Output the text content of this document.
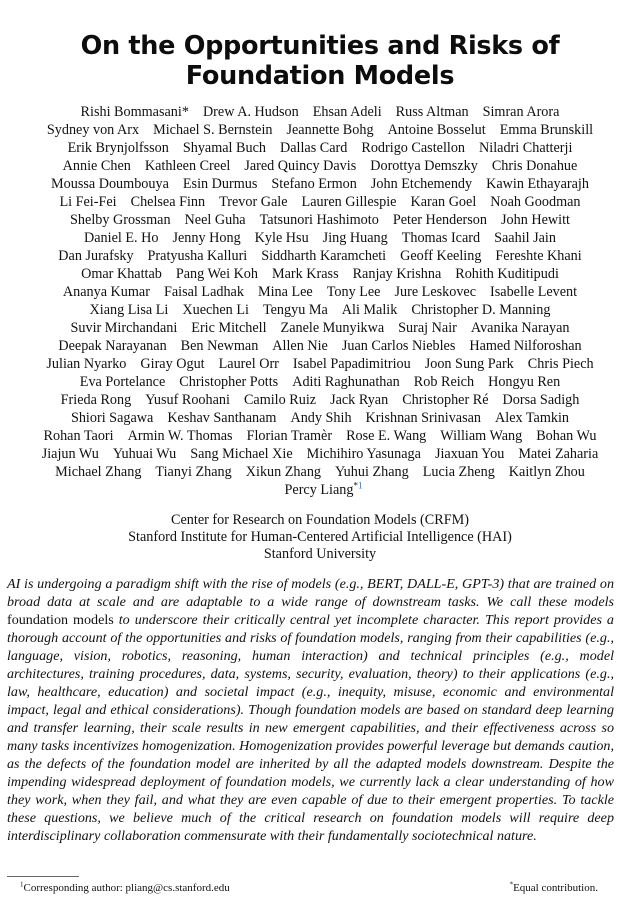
On the Opportunities and Risks of
Foundation Models
Rishi Bommasani* Drew A. Hudson Ehsan Adeli Russ Altman Simran Arora
Sydney von Arx Michael S. Bernstein Jeannette Bohg Antoine Bosselut Emma Brunskill
Erik Brynjolfsson Shyamal Buch Dallas Card Rodrigo Castellon Niladri Chatterji
Annie Chen Kathleen Creel Jared Quincy Davis Dorottya Demszky Chris Donahue
Moussa Doumbouya Esin Durmus Stefano Ermon John Etchemendy Kawin Ethayarajh
Li Fei-Fei Chelsea Finn Trevor Gale Lauren Gillespie Karan Goel Noah Goodman
Shelby Grossman Neel Guha Tatsunori Hashimoto Peter Henderson John Hewitt
Daniel E. Ho Jenny Hong Kyle Hsu Jing Huang Thomas Icard Saahil Jain
Dan Jurafsky Pratyusha Kalluri Siddharth Karamcheti Geoff Keeling Fereshte Khani
Omar Khattab Pang Wei Koh Mark Krass Ranjay Krishna Rohith Kuditipudi
Ananya Kumar Faisal Ladhak Mina Lee Tony Lee Jure Leskovec Isabelle Levent
Xiang Lisa Li Xuechen Li Tengyu Ma Ali Malik Christopher D. Manning
Suvir Mirchandani Eric Mitchell Zanele Munyikwa Suraj Nair Avanika Narayan
Deepak Narayanan Ben Newman Allen Nie Juan Carlos Niebles Hamed Nilforoshan
Julian Nyarko Giray Ogut Laurel Orr Isabel Papadimitriou Joon Sung Park Chris Piech
Eva Portelance Christopher Potts Aditi Raghunathan Rob Reich Hongyu Ren
Frieda Rong Yusuf Roohani Camilo Ruiz Jack Ryan Christopher Ré Dorsa Sadigh
Shiori Sagawa Keshav Santhanam Andy Shih Krishnan Srinivasan Alex Tamkin
Rohan Taori Armin W. Thomas Florian Tramèr Rose E. Wang William Wang Bohan Wu
Jiajun Wu Yuhuai Wu Sang Michael Xie Michihiro Yasunaga Jiaxuan You Matei Zaharia
Michael Zhang Tianyi Zhang Xikun Zhang Yuhui Zhang Lucia Zheng Kaitlyn Zhou
Percy Liang$^{*1}$
Center for Research on Foundation Models (CRFM)
Stanford Institute for Human-Centered Artificial Intelligence (HAI)
Stanford University

AI is undergoing a paradigm shift with the rise of models (e.g., BERT, DALL-E, GPT-3) that are trained on broad data at scale and are adaptable to a wide range of downstream tasks. We call these models foundation models to underscore their critically central yet incomplete character. This report provides a thorough account of the opportunities and risks of foundation models, ranging from their capabilities (e.g., language, vision, robotics, reasoning, human interaction) and technical principles (e.g., model architectures, training procedures, data, systems, security, evaluation, theory) to their applications (e.g., law, healthcare, education) and societal impact (e.g., inequity, misuse, economic and environmental impact, legal and ethical considerations). Though foundation models are based on standard deep learning and transfer learning, their scale results in new emergent capabilities, and their effectiveness across so many tasks incentivizes homogenization. Homogenization provides powerful leverage but demands caution, as the defects of the foundation model are inherited by all the adapted models downstream. Despite the impending widespread deployment of foundation models, we currently lack a clear understanding of how they work, when they fail, and what they are even capable of due to their emergent properties. To tackle these questions, we believe much of the critical research on foundation models will require deep interdisciplinary collaboration commensurate with their fundamentally sociotechnical nature.

$^1$Corresponding author: pliang@cs.stanford.edu	*Equal contribution.
